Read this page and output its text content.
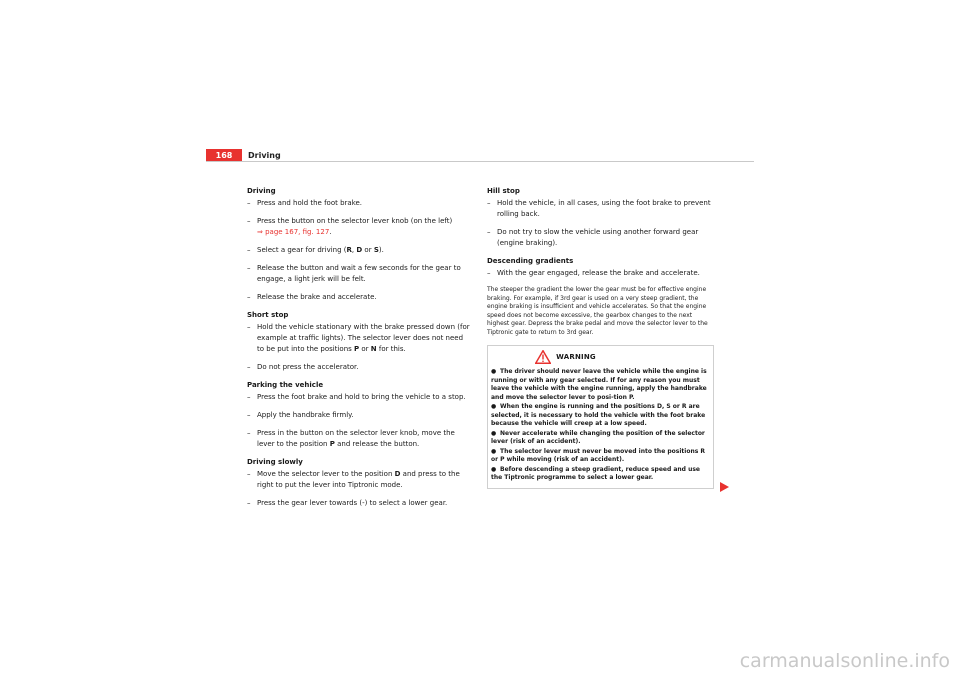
168	Driving
Driving
– Press and hold the foot brake.
– Press the button on the selector lever knob (on the left)
⇒ page 167, fig. 127.
– Select a gear for driving (R, D or S).
– Release the button and wait a few seconds for the gear to engage, a light jerk will be felt.
– Release the brake and accelerate.
Short stop
– Hold the vehicle stationary with the brake pressed down (for example at traffic lights). The selector lever does not need to be put into the positions P or N for this.
– Do not press the accelerator.
Parking the vehicle
– Press the foot brake and hold to bring the vehicle to a stop.
– Apply the handbrake firmly.
– Press in the button on the selector lever knob, move the lever to the position P and release the button.
Driving slowly
– Move the selector lever to the position D and press to the right to put the lever into Tiptronic mode.
– Press the gear lever towards (-) to select a lower gear.
Hill stop
– Hold the vehicle, in all cases, using the foot brake to prevent rolling back.
– Do not try to slow the vehicle using another forward gear (engine braking).
Descending gradients
– With the gear engaged, release the brake and accelerate.
The steeper the gradient the lower the gear must be for effective engine braking. For example, if 3rd gear is used on a very steep gradient, the engine braking is insufficient and vehicle accelerates. So that the engine speed does not become excessive, the gearbox changes to the next highest gear. Depress the brake pedal and move the selector lever to the Tiptronic gate to return to 3rd gear.
WARNING
● The driver should never leave the vehicle while the engine is running or with any gear selected. If for any reason you must leave the vehicle with the engine running, apply the handbrake and move the selector lever to posi-tion P.
● When the engine is running and the positions D, S or R are selected, it is necessary to hold the vehicle with the foot brake because the vehicle will creep at a low speed.
● Never accelerate while changing the position of the selector lever (risk of an accident).
● The selector lever must never be moved into the positions R or P while moving (risk of an accident).
● Before descending a steep gradient, reduce speed and use the Tiptronic programme to select a lower gear.
carmanualsonline.info
